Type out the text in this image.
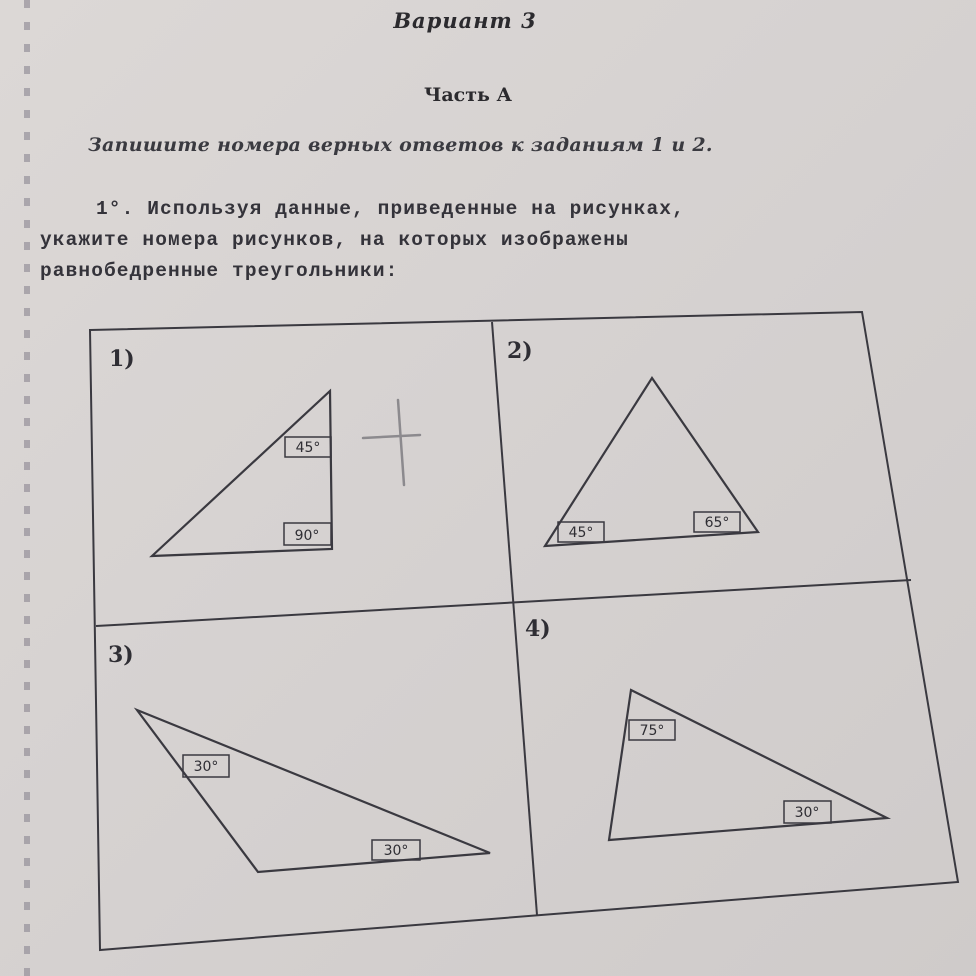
Вариант 3
Часть А
Запишите номера верных ответов к заданиям 1 и 2.
1°. Используя данные, приведенные на рисунках,
укажите номера рисунков, на которых изображены
равнобедренные треугольники:
1)	2)
3)
4)
45°
90°	45°
65°
30°
30°
75°
30°
